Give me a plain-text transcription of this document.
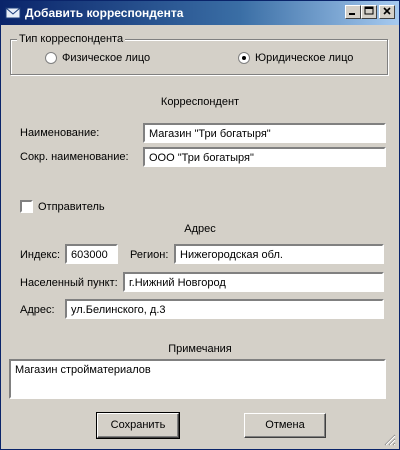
Добавить корреспондента
Тип корреспондента
Физическое лицо	Юридическое лицо
Корреспондент
Наименование:	Магазин "Три богатыря"
Сокр. наименование:	ООО "Три богатыря"
Отправитель
Адрес
Индекс: 603000	Регион:	Нижегородская обл.
Населенный пункт:	г.Нижний Новгород
Адрес:	ул.Белинского, д.3
Примечания
Магазин стройматериалов
Сохранить	Отмена
